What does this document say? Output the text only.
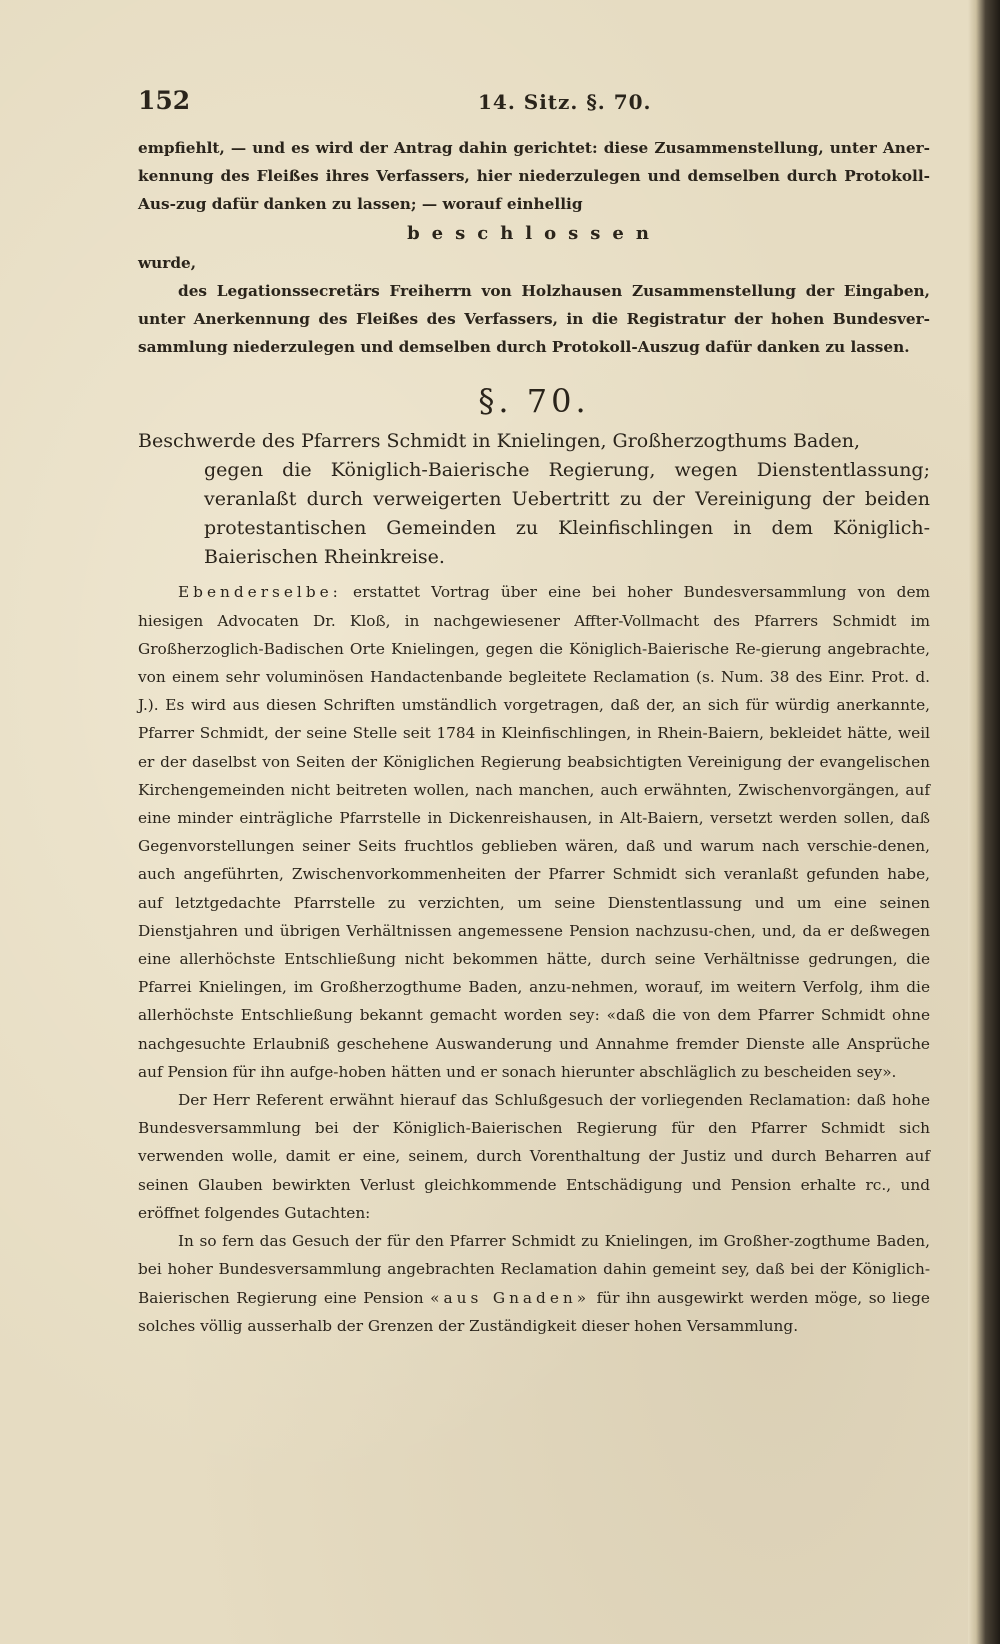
152	14. Sitz. §. 70.

empfiehlt, — und es wird der Antrag dahin gerichtet: diese Zusammenstellung, unter Aner-kennung des Fleißes ihres Verfassers, hier niederzulegen und demselben durch Protokoll-Aus-zug dafür danken zu lassen; — worauf einhellig

beschlossen

wurde,

des Legationssecretärs Freiherrn von Holzhausen Zusammenstellung der Eingaben, unter Anerkennung des Fleißes des Verfassers, in die Registratur der hohen Bundesver-sammlung niederzulegen und demselben durch Protokoll-Auszug dafür danken zu lassen.

§. 70.

Beschwerde des Pfarrers Schmidt in Knielingen, Großherzogthums Baden,

gegen die Königlich-Baierische Regierung, wegen Dienstentlassung; veranlaßt durch verweigerten Uebertritt zu der Vereinigung der beiden protestantischen Gemeinden zu Kleinfischlingen in dem Königlich-Baierischen Rheinkreise.

Ebenderselbe: erstattet Vortrag über eine bei hoher Bundesversammlung von dem hiesigen Advocaten Dr. Kloß, in nachgewiesener Affter-Vollmacht des Pfarrers Schmidt im Großherzoglich-Badischen Orte Knielingen, gegen die Königlich-Baierische Re-gierung angebrachte, von einem sehr voluminösen Handactenbande begleitete Reclamation (s. Num. 38 des Einr. Prot. d. J.). Es wird aus diesen Schriften umständlich vorgetragen, daß der, an sich für würdig anerkannte, Pfarrer Schmidt, der seine Stelle seit 1784 in Kleinfischlingen, in Rhein-Baiern, bekleidet hätte, weil er der daselbst von Seiten der Königlichen Regierung beabsichtigten Vereinigung der evangelischen Kirchengemeinden nicht beitreten wollen, nach manchen, auch erwähnten, Zwischenvorgängen, auf eine minder einträgliche Pfarrstelle in Dickenreishausen, in Alt-Baiern, versetzt werden sollen, daß Gegenvorstellungen seiner Seits fruchtlos geblieben wären, daß und warum nach verschie-denen, auch angeführten, Zwischenvorkommenheiten der Pfarrer Schmidt sich veranlaßt gefunden habe, auf letztgedachte Pfarrstelle zu verzichten, um seine Dienstentlassung und um eine seinen Dienstjahren und übrigen Verhältnissen angemessene Pension nachzusu-chen, und, da er deßwegen eine allerhöchste Entschließung nicht bekommen hätte, durch seine Verhältnisse gedrungen, die Pfarrei Knielingen, im Großherzogthume Baden, anzu-nehmen, worauf, im weitern Verfolg, ihm die allerhöchste Entschließung bekannt gemacht worden sey: «daß die von dem Pfarrer Schmidt ohne nachgesuchte Erlaubniß geschehene Auswanderung und Annahme fremder Dienste alle Ansprüche auf Pension für ihn aufge-hoben hätten und er sonach hierunter abschläglich zu bescheiden sey».

Der Herr Referent erwähnt hierauf das Schlußgesuch der vorliegenden Reclamation: daß hohe Bundesversammlung bei der Königlich-Baierischen Regierung für den Pfarrer Schmidt sich verwenden wolle, damit er eine, seinem, durch Vorenthaltung der Justiz und durch Beharren auf seinen Glauben bewirkten Verlust gleichkommende Entschädigung und Pension erhalte rc., und eröffnet folgendes Gutachten:

In so fern das Gesuch der für den Pfarrer Schmidt zu Knielingen, im Großher-zogthume Baden, bei hoher Bundesversammlung angebrachten Reclamation dahin gemeint sey, daß bei der Königlich-Baierischen Regierung eine Pension «aus Gnaden» für ihn ausgewirkt werden möge, so liege solches völlig ausserhalb der Grenzen der Zuständigkeit dieser hohen Versammlung.
